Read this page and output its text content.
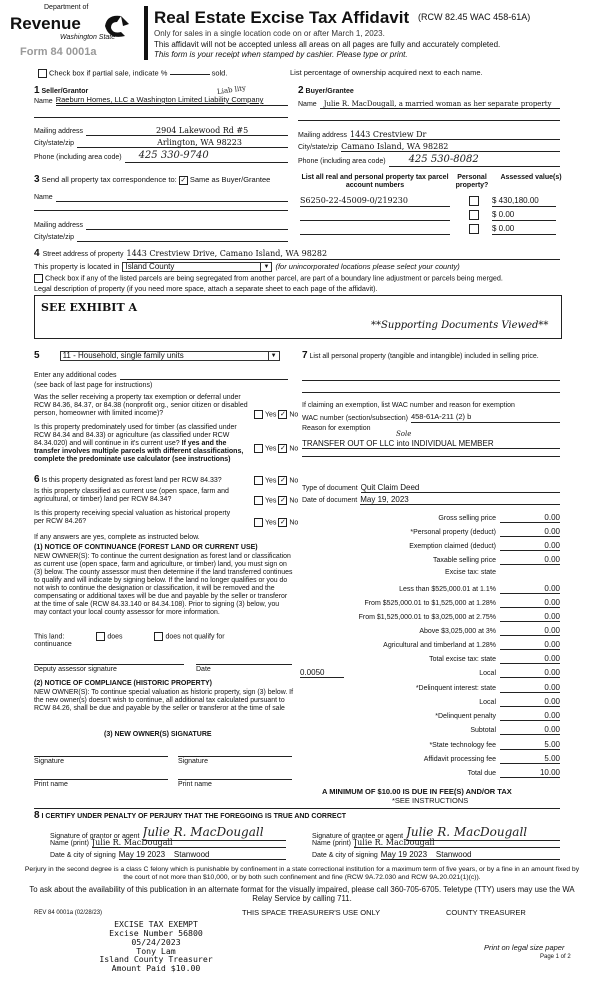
Department of
Revenue
Washington State
Form 84 0001a
Real Estate Excise Tax Affidavit (RCW 82.45 WAC 458-61A)
Only for sales in a single location code on or after March 1, 2023.
This affidavit will not be accepted unless all areas on all pages are fully and accurately completed.
This form is your receipt when stamped by cashier. Please type or print.
Check box if partial sale, indicate %	sold.	List percentage of ownership acquired next to each name.
1 Seller/Grantor	Liab lity
Name Raeburn Homes, LLC a Washington Limited Liability Company
Mailing address	2904 Lakewood Rd #5
City/state/zip	Arlington, WA 98223
Phone (including area code)	425 330-9740
2 Buyer/Grantee
Name	Julie R. MacDougall, a married woman as her separate property
Mailing address 1443 Crestview Dr
City/state/zip Camano Island, WA 98282
Phone (including area code)	425 530-8082
3 Send all property tax correspondence to: ✓ Same as Buyer/Grantee
Name
Mailing address
City/state/zip
List all real and personal property tax parcel account numbers
Personal property?
Assessed value(s)
S6250-22-45009-0/219230	$ 430,180.00
$ 0.00
$ 0.00
4 Street address of property 1443 Crestview Drive, Camano Island, WA 98282
This property is located in Island County	▼ (for unincorporated locations please select your county)
Check box if any of the listed parcels are being segregated from another parcel, are part of a boundary line adjustment or parcels being merged.
Legal description of property (if you need more space, attach a separate sheet to each page of the affidavit).
SEE EXHIBIT A
**Supporting Documents Viewed**
5	11 - Household, single family units	▼
Enter any additional codes
(see back of last page for instructions)
Was the seller receiving a property tax exemption or deferral under RCW 84.36, 84.37, or 84.38 (nonprofit org., senior citizen or disabled person, homeowner with limited income)?	Yes ✓ No
Is this property predominately used for timber (as classified under RCW 84.34 and 84.33) or agriculture (as classified under RCW 84.34.020) and will continue in it's current use? If yes and the transfer involves multiple parcels with different classifications, complete the predominate use calculator (see instructions)
Yes ✓ No
6 Is this property designated as forest land per RCW 84.33?	Yes ✓ No
Is this property classified as current use (open space, farm and agricultural, or timber) land per RCW 84.34?	Yes ✓ No
Is this property receiving special valuation as historical property per RCW 84.26?	Yes ✓ No
If any answers are yes, complete as instructed below.
(1) NOTICE OF CONTINUANCE (FOREST LAND OR CURRENT USE)
NEW OWNER(S): To continue the current designation as forest land or classification as current use (open space, farm and agriculture, or timber) land, you must sign on (3) below. The county assessor must then determine if the land transferred continues to qualify and will indicate by signing below. If the land no longer qualifies or you do not wish to continue the designation or classification, it will be removed and the compensating or additional taxes will be due and payable by the seller or transferor at the time of sale (RCW 84.33.140 or 84.34.108). Prior to signing (3) below, you may contact your local county assessor for more information.
This land:	does	does not qualify for
continuance
Deputy assessor signature	Date
(2) NOTICE OF COMPLIANCE (HISTORIC PROPERTY)
NEW OWNER(S): To continue special valuation as historic property, sign (3) below. If the new owner(s) doesn't wish to continue, all additional tax calculated pursuant to RCW 84.26, shall be due and payable by the seller or transferor at the time of sale
(3) NEW OWNER(S) SIGNATURE
Signature	Signature
Print name	Print name
7 List all personal property (tangible and intangible) included in selling price.
If claiming an exemption, list WAC number and reason for exemption
WAC number (section/subsection) 458-61A-211 (2) b
Reason for exemption
Sole
TRANSFER OUT OF LLC into INDIVIDUAL MEMBER
Type of document Quit Claim Deed
Date of document May 19, 2023
Gross selling price	0.00
*Personal property (deduct)	0.00
Exemption claimed (deduct)	0.00
Taxable selling price	0.00
Excise tax: state
Less than $525,000.01 at 1.1%	0.00
From $525,000.01 to $1,525,000 at 1.28%	0.00
From $1,525,000.01 to $3,025,000 at 2.75%	0.00
Above $3,025,000 at 3%	0.00
Agricultural and timberland at 1.28%	0.00
Total excise tax: state	0.00
0.0050	Local	0.00
*Delinquent interest: state	0.00
Local	0.00
*Delinquent penalty	0.00
Subtotal	0.00
*State technology fee	5.00
Affidavit processing fee	5.00
Total due	10.00
A MINIMUM OF $10.00 IS DUE IN FEE(S) AND/OR TAX
*SEE INSTRUCTIONS
8 I CERTIFY UNDER PENALTY OF PERJURY THAT THE FOREGOING IS TRUE AND CORRECT
Signature of grantor or agent Julie R. MacDougall
Name (print) Julie R. MacDougall
Date & city of signing May 19 2023 Stanwood
Signature of grantee or agent Julie R. MacDougall
Name (print) Julie R. MacDougall
Date & city of signing May 19 2023 Stanwood
Perjury in the second degree is a class C felony which is punishable by confinement in a state correctional institution for a maximum term of five years, or by a fine in an amount fixed by the court of not more than $10,000, or by both such confinement and fine (RCW 9A.72.030 and RCW 9A.20.021(1)(c)).
To ask about the availability of this publication in an alternate format for the visually impaired, please call 360-705-6705. Teletype (TTY) users may use the WA Relay Service by calling 711.
REV 84 0001a (02/28/23)	THIS SPACE TREASURER'S USE ONLY	COUNTY TREASURER
EXCISE TAX EXEMPT
Excise Number 56800
05/24/2023
Tony Lam
Island County Treasurer
Amount Paid $10.00
Print on legal size paper
Page 1 of 2
